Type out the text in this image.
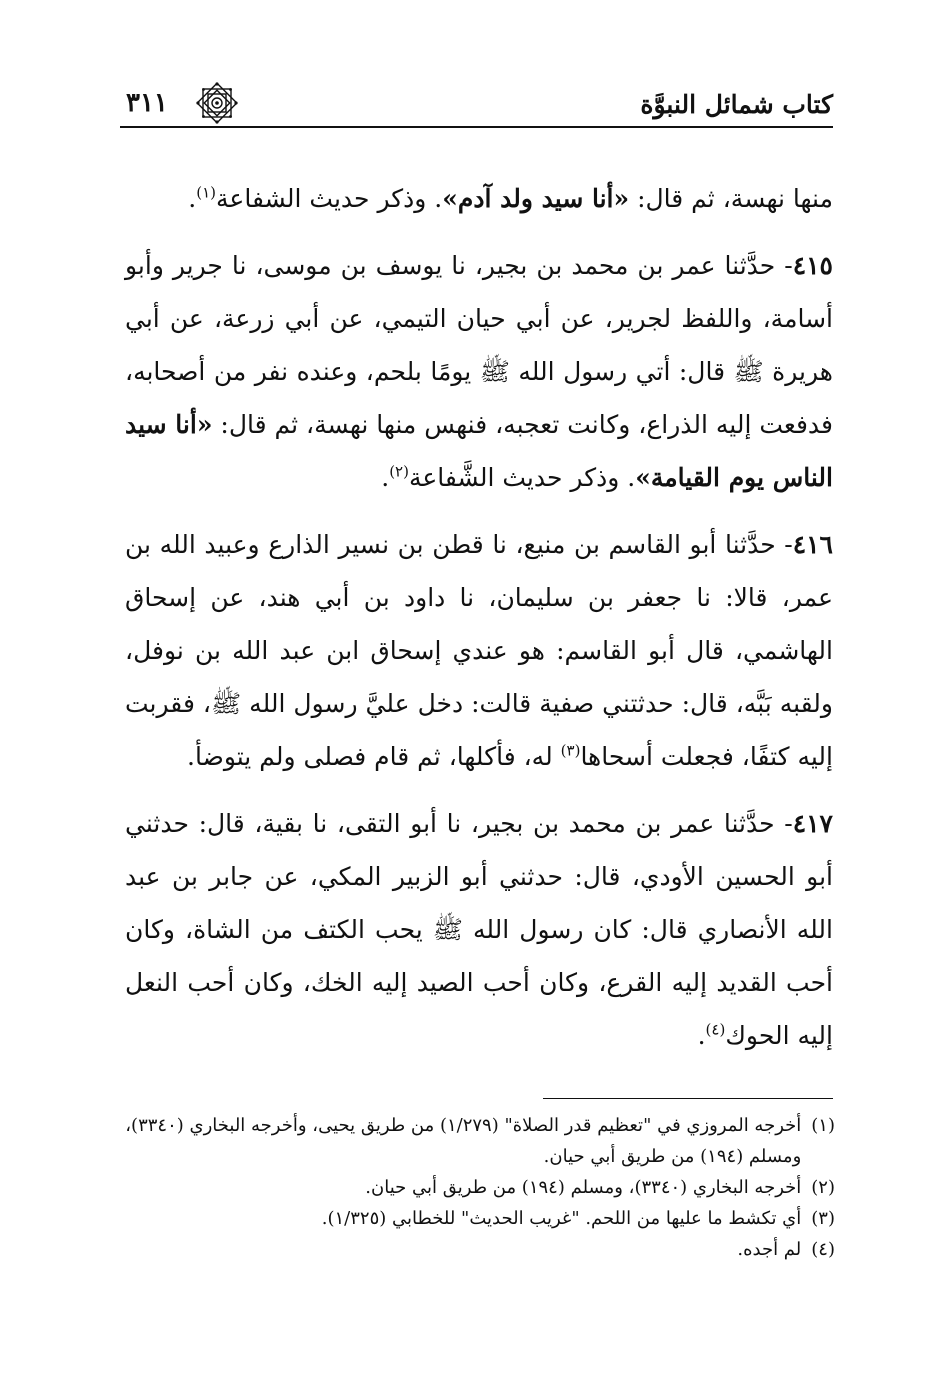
كتاب شمائل النبوَّة
٣١١

منها نهسة، ثم قال: «أنا سيد ولد آدم». وذكر حديث الشفاعة$^{(١)}$.

٤١٥- حدَّثنا عمر بن محمد بن بجير، نا يوسف بن موسى، نا جرير وأبو أسامة، واللفظ لجرير، عن أبي حيان التيمي، عن أبي زرعة، عن أبي هريرة ﷺ قال: أتي رسول الله ﷺ يومًا بلحم، وعنده نفر من أصحابه، فدفعت إليه الذراع، وكانت تعجبه، فنهس منها نهسة، ثم قال: «أنا سيد الناس يوم القيامة». وذكر حديث الشَّفاعة$^{(٢)}$.

٤١٦- حدَّثنا أبو القاسم بن منيع، نا قطن بن نسير الذارع وعبيد الله بن عمر، قالا: نا جعفر بن سليمان، نا داود بن أبي هند، عن إسحاق الهاشمي، قال أبو القاسم: هو عندي إسحاق ابن عبد الله بن نوفل، ولقبه بَبَّه، قال: حدثتني صفية قالت: دخل عليَّ رسول الله ﷺ، فقربت إليه كتفًا، فجعلت أسحاها$^{(٣)}$ له، فأكلها، ثم قام فصلى ولم يتوضأ.

٤١٧- حدَّثنا عمر بن محمد بن بجير، نا أبو التقى، نا بقية، قال: حدثني أبو الحسين الأودي، قال: حدثني أبو الزبير المكي، عن جابر بن عبد الله الأنصاري قال: كان رسول الله ﷺ يحب الكتف من الشاة، وكان أحب القديد إليه القرع، وكان أحب الصيد إليه الخك، وكان أحب النعل إليه الحوك$^{(٤)}$.

(١)
أخرجه المروزي في "تعظيم قدر الصلاة" (١/٢٧٩) من طريق يحيى، وأخرجه البخاري (٣٣٤٠)، ومسلم (١٩٤) من طريق أبي حيان.
(٢)
أخرجه البخاري (٣٣٤٠)، ومسلم (١٩٤) من طريق أبي حيان.
(٣)
أي تكشط ما عليها من اللحم. "غريب الحديث" للخطابي (١/٣٢٥).
(٤)
لم أجده.
